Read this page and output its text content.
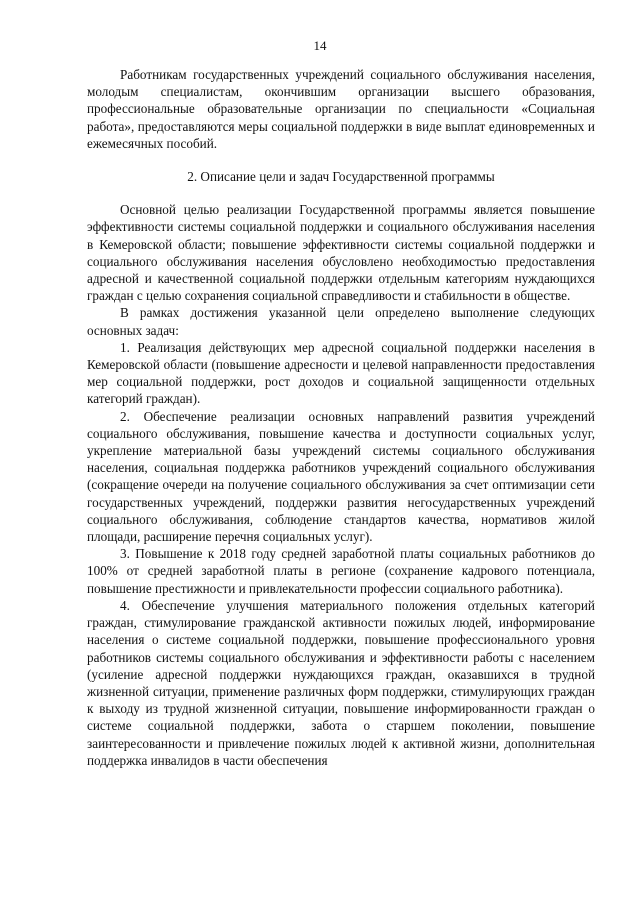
14

Работникам государственных учреждений социального обслуживания населения, молодым специалистам, окончившим организации высшего образования, профессиональные образовательные организации по специальности «Социальная работа», предоставляются меры социальной поддержки в виде выплат единовременных и ежемесячных пособий.

2. Описание цели и задач Государственной программы

Основной целью реализации Государственной программы является повышение эффективности системы социальной поддержки и социального обслуживания населения в Кемеровской области; повышение эффективности системы социальной поддержки и социального обслуживания населения обусловлено необходимостью предоставления адресной и качественной социальной поддержки отдельным категориям нуждающихся граждан с целью сохранения социальной справедливости и стабильности в обществе.

В рамках достижения указанной цели определено выполнение следующих основных задач:

1. Реализация действующих мер адресной социальной поддержки населения в Кемеровской области (повышение адресности и целевой направленности предоставления мер социальной поддержки, рост доходов и социальной защищенности отдельных категорий граждан).

2. Обеспечение реализации основных направлений развития учреждений социального обслуживания, повышение качества и доступности социальных услуг, укрепление материальной базы учреждений системы социального обслуживания населения, социальная поддержка работников учреждений социального обслуживания (сокращение очереди на получение социального обслуживания за счет оптимизации сети государственных учреждений, поддержки развития негосударственных учреждений социального обслуживания, соблюдение стандартов качества, нормативов жилой площади, расширение перечня социальных услуг).

3. Повышение к 2018 году средней заработной платы социальных работников до 100% от средней заработной платы в регионе (сохранение кадрового потенциала, повышение престижности и привлекательности профессии социального работника).

4. Обеспечение улучшения материального положения отдельных категорий граждан, стимулирование гражданской активности пожилых людей, информирование населения о системе социальной поддержки, повышение профессионального уровня работников системы социального обслуживания и эффективности работы с населением (усиление адресной поддержки нуждающихся граждан, оказавшихся в трудной жизненной ситуации, применение различных форм поддержки, стимулирующих граждан к выходу из трудной жизненной ситуации, повышение информированности граждан о системе социальной поддержки, забота о старшем поколении, повышение заинтересованности и привлечение пожилых людей к активной жизни, дополнительная поддержка инвалидов в части обеспечения
